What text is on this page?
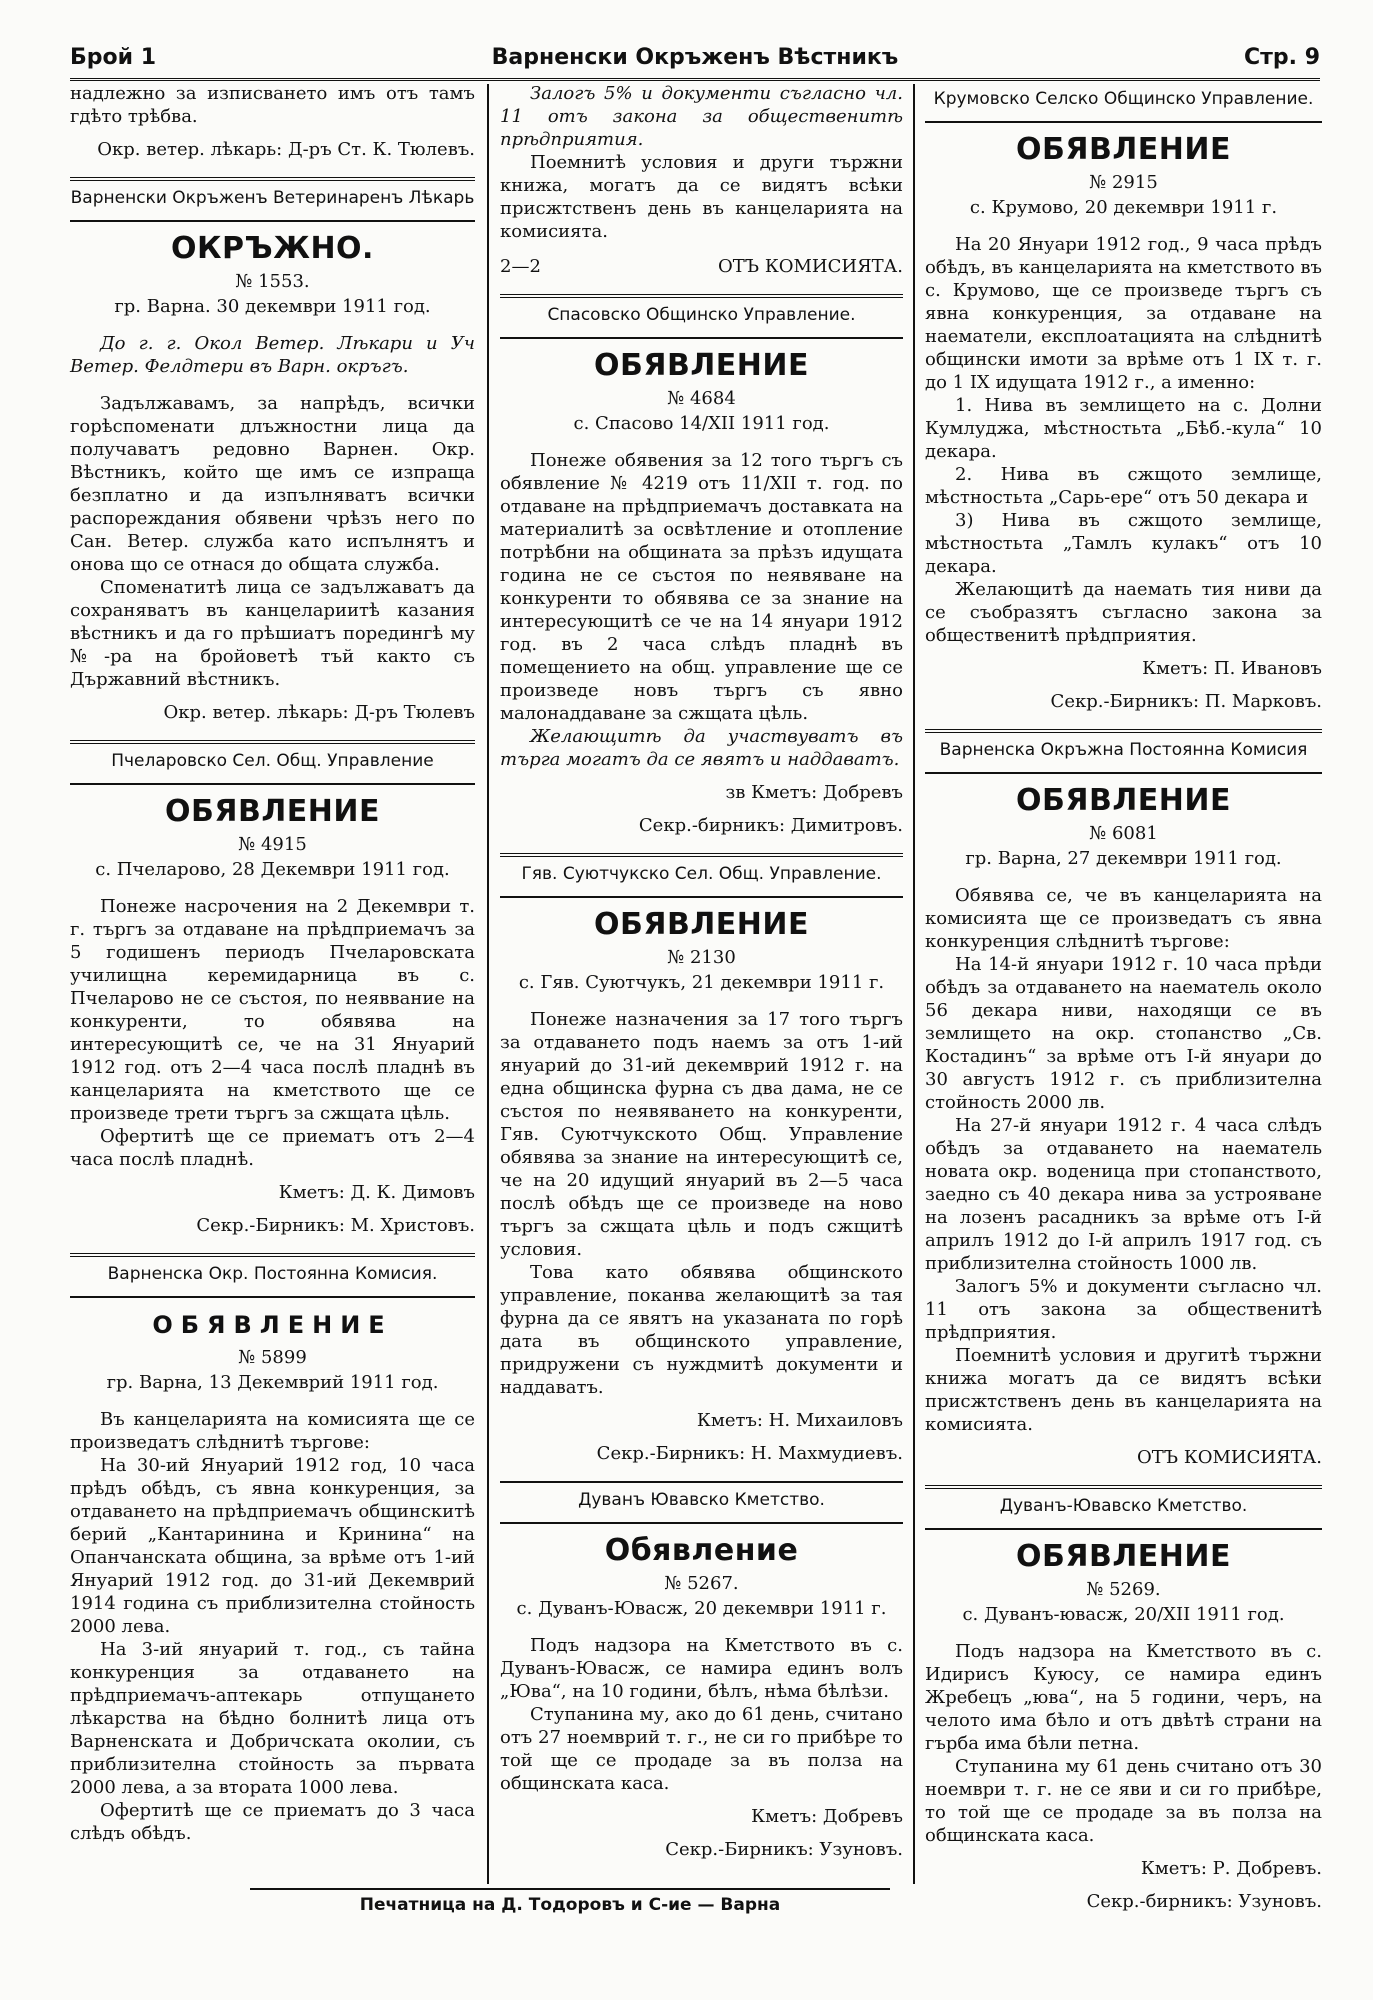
Брой 1	Варненски Окръженъ Вѣстникъ	Стр. 9

надлежно за изписването имъ отъ тамъ гдѣто трѣбва.

Окр. ветер. лѣкарь: Д-ръ Ст. К. Тюлевъ.
Варненски Окръженъ Ветеринаренъ Лѣкарь
ОКРЪЖНО.
№ 1553.
гр. Варна. 30 декември 1911 год.

До г. г. Окол Ветер. Лѣкари и Уч Ветер. Фелдтери въ Варн. окръгъ.

Задължавамъ, за напрѣдъ, всички горѣспоменати длъжностни лица да получаватъ редовно Варнен. Окр. Вѣстникъ, който ще имъ се изпраща безплатно и да изпълняватъ всички распореждания обявени чрѣзъ него по Сан. Ветер. служба като испълнятъ и онова що се отнася до общата служба.

Споменатитѣ лица се задължаватъ да сохраняватъ въ канцелариитѣ казания вѣстникъ и да го прѣшиатъ поредингѣ му №-ра на бройоветѣ тъй както съ Държавний вѣстникъ.

Окр. ветер. лѣкарь: Д-ръ Тюлевъ
Пчеларовско Сел. Общ. Управление
ОБЯВЛЕНИЕ
№ 4915
с. Пчеларово, 28 Декември 1911 год.

Понеже насрочения на 2 Декември т. г. търгъ за отдаване на прѣдприемачъ за 5 годишенъ периодъ Пчеларовската училищна керемидарница въ с. Пчеларово не се състоя, по неяввание на конкуренти, то обявява на интересующитѣ се, че на 31 Януарий 1912 год. отъ 2—4 часа послѣ пладнѣ въ канцеларията на кметството ще се произведе трети търгъ за сжщата цѣль.

Офертитѣ ще се приематъ отъ 2—4 часа послѣ пладнѣ.

Кметъ: Д. К. Димовъ
Секр.-Бирникъ: М. Христовъ.
Варненска Окр. Постоянна Комисия.
ОБЯВЛЕНИЕ
№ 5899
гр. Варна, 13 Декемврий 1911 год.

Въ канцеларията на комисията ще се произведатъ слѣднитѣ търгове:

На 30-ий Януарий 1912 год, 10 часа прѣдъ обѣдъ, съ явна конкуренция, за отдаването на прѣдприемачъ общинскитѣ берий „Кантаринина и Кринина“ на Опанчанската община, за врѣме отъ 1-ий Януарий 1912 год. до 31-ий Декемврий 1914 година съ приблизителна стойность 2000 лева.

На 3-ий януарий т. год., съ тайна конкуренция за отдаването на прѣдприемачъ-аптекарь отпущането лѣкарства на бѣдно болнитѣ лица отъ Варненската и Добричската околии, съ приблизителна стойность за първата 2000 лева, а за втората 1000 лева.

Офертитѣ ще се приематъ до 3 часа слѣдъ обѣдъ.

Залогъ 5% и документи съгласно чл. 11 отъ закона за общественитѣ прѣдприятия.

Поемнитѣ условия и други тържни книжа, могатъ да се видятъ всѣки присжтственъ день въ канцеларията на комисията.

2—2	ОТЪ КОМИСИЯТА.
Спасовско Общинско Управление.
ОБЯВЛЕНИЕ
№ 4684
с. Спасово 14/XII 1911 год.

Понеже обявения за 12 того търгъ съ обявление № 4219 отъ 11/XII т. год. по отдаване на прѣдприемачъ доставката на материалитѣ за освѣтление и отопление потрѣбни на общината за прѣзъ идущата година не се състоя по неявяване на конкуренти то обявява се за знание на интересующитѣ се че на 14 януари 1912 год. въ 2 часа слѣдъ пладнѣ въ помещението на общ. управление ще се произведе новъ търгъ съ явно малонаддаване за сжщата цѣль.

Желающитѣ да участвуватъ въ търга могатъ да се явятъ и наддаватъ.

зв Кметъ: Добревъ
Секр.-бирникъ: Димитровъ.
Гяв. Суютчукско Сел. Общ. Управление.
ОБЯВЛЕНИЕ
№ 2130
с. Гяв. Суютчукъ, 21 декември 1911 г.

Понеже назначения за 17 того търгъ за отдаването подъ наемъ за отъ 1-ий януарий до 31-ий декемврий 1912 г. на една общинска фурна съ два дама, не се състоя по неявяването на конкуренти, Гяв. Суютчукското Общ. Управление обявява за знание на интересующитѣ се, че на 20 идущий януарий въ 2—5 часа послѣ обѣдъ ще се произведе на ново търгъ за сжщата цѣль и подъ сжщитѣ условия.

Това като обявява общинското управление, поканва желающитѣ за тая фурна да се явятъ на указаната по горѣ дата въ общинското управление, придружени съ нуждмитѣ документи и наддаватъ.

Кметъ: Н. Михаиловъ
Секр.-Бирникъ: Н. Махмудиевъ.
Дуванъ Ювавско Кметство.
Обявление
№ 5267.
с. Дуванъ-Ювасж, 20 декември 1911 г.

Подъ надзора на Кметството въ с. Дуванъ-Ювасж, се намира единъ волъ „Юва“, на 10 години, бѣлъ, нѣма бѣлѣзи.

Ступанина му, ако до 61 день, считано отъ 27 ноемврий т. г., не си го прибѣре то той ще се продаде за въ полза на общинската каса.

Кметъ: Добревъ
Секр.-Бирникъ: Узуновъ.
Крумовско Селско Общинско Управление.
ОБЯВЛЕНИЕ
№ 2915
с. Крумово, 20 декември 1911 г.

На 20 Януари 1912 год., 9 часа прѣдъ обѣдъ, въ канцеларията на кметството въ с. Крумово, ще се произведе търгъ съ явна конкуренция, за отдаване на наематели, експлоатацията на слѣднитѣ общински имоти за врѣме отъ 1 IX т. г. до 1 IX идущата 1912 г., а именно:

1. Нива въ землището на с. Долни Кумлуджа, мѣстностьта „Бѣб.-кула“ 10 декара.

2. Нива въ сжщото землище, мѣстностьта „Сарь-ере“ отъ 50 декара и

3) Нива въ сжщото землище, мѣстностьта „Тамлъ кулакъ“ отъ 10 декара.

Желающитѣ да наемать тия ниви да се съобразятъ съгласно закона за общественитѣ прѣдприятия.

Кметъ: П. Ивановъ
Секр.-Бирникъ: П. Марковъ.
Варненска Окръжна Постоянна Комисия
ОБЯВЛЕНИЕ
№ 6081
гр. Варна, 27 декември 1911 год.

Обявява се, че въ канцеларията на комисията ще се произведатъ съ явна конкуренция слѣднитѣ търгове:

На 14-й януари 1912 г. 10 часа прѣди обѣдъ за отдаването на наематель около 56 декара ниви, находящи се въ землището на окр. стопанство „Св. Костадинъ“ за врѣме отъ I-й януари до 30 августъ 1912 г. съ приблизителна стойность 2000 лв.

На 27-й януари 1912 г. 4 часа слѣдъ обѣдъ за отдаването на наематель новата окр. воденица при стопанството, заедно съ 40 декара нива за устрояване на лозенъ расадникъ за врѣме отъ I-й априлъ 1912 до I-й априлъ 1917 год. съ приблизителна стойность 1000 лв.

Залогъ 5% и документи съгласно чл. 11 отъ закона за общественитѣ прѣдприятия.

Поемнитѣ условия и другитѣ тържни книжа могатъ да се видятъ всѣки присжтственъ день въ канцеларията на комисията.

ОТЪ КОМИСИЯТА.
Дуванъ-Ювавско Кметство.
ОБЯВЛЕНИЕ
№ 5269.
с. Дуванъ-ювасж, 20/XII 1911 год.

Подъ надзора на Кметството въ с. Идирисъ Куюсу, се намира единъ Жребецъ „юва“, на 5 години, черъ, на челото има бѣло и отъ двѣтѣ страни на гърба има бѣли петна.

Ступанина му 61 день считано отъ 30 ноември т. г. не се яви и си го прибѣре, то той ще се продаде за въ полза на общинската каса.

Кметъ: Р. Добревъ.
Секр.-бирникъ: Узуновъ.
Печатница на Д. Тодоровъ и С-ие — Варна
